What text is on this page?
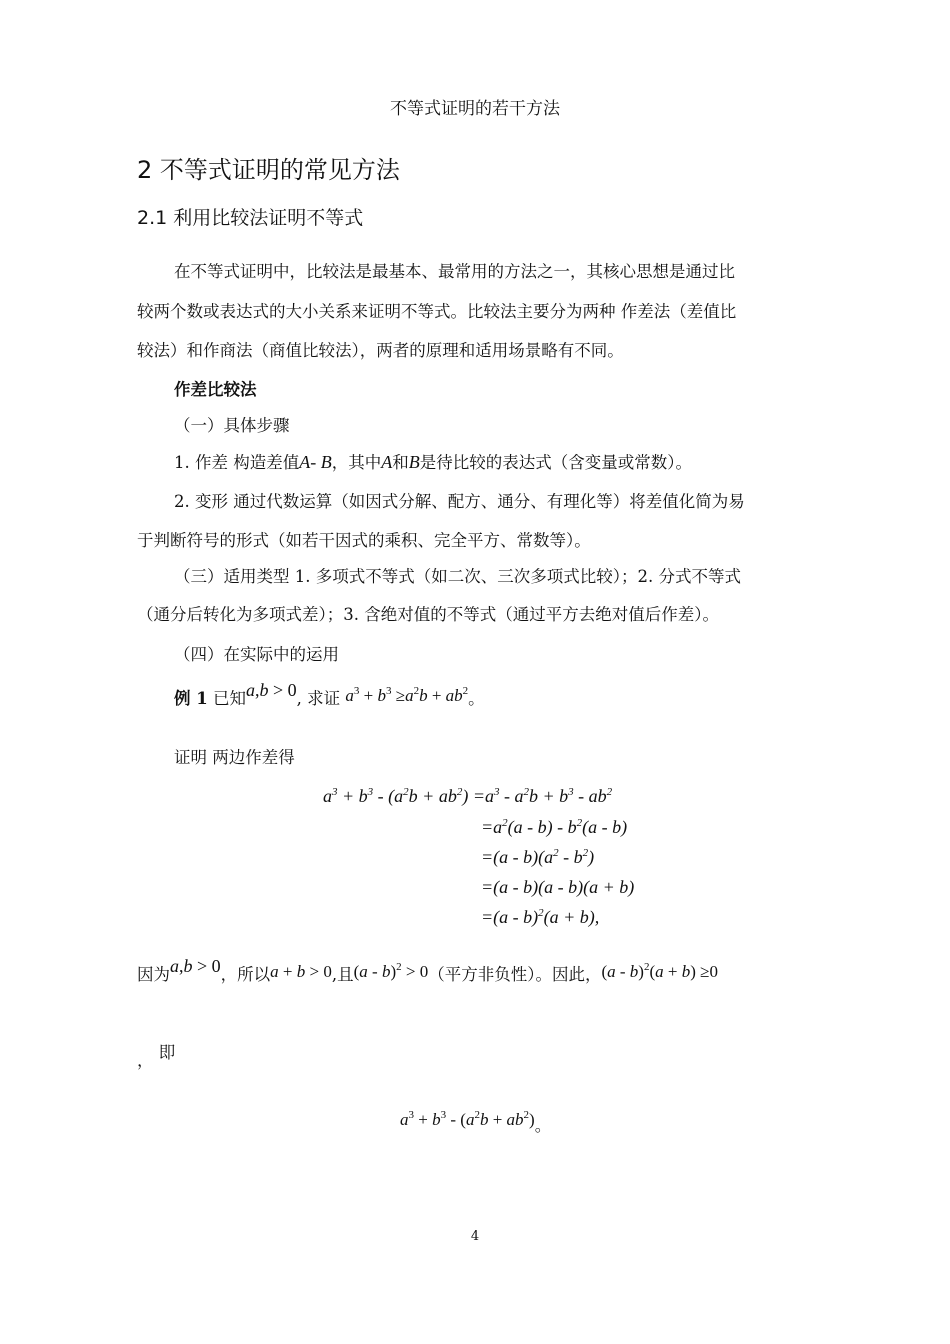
不等式证明的若干方法
2 不等式证明的常见方法
2.1 利用比较法证明不等式
在不等式证明中，比较法是最基本、最常用的方法之一，其核心思想是通过比
较两个数或表达式的大小关系来证明不等式。比较法主要分为两种 作差法（差值比
较法）和作商法（商值比较法），两者的原理和适用场景略有不同。
作差比较法
（一）具体步骤
1. 作差 构造差值A- B，其中A和B是待比较的表达式（含变量或常数）。
2. 变形 通过代数运算（如因式分解、配方、通分、有理化等）将差值化简为易
于判断符号的形式（如若干因式的乘积、完全平方、常数等）。
（三）适用类型 1. 多项式不等式（如二次、三次多项式比较）；2. 分式不等式
（通分后转化为多项式差）；3. 含绝对值的不等式（通过平方去绝对值后作差）。
（四）在实际中的运用
例 1 已知a,b > 0, 求证 $a^3 + b^3 \ge a^2b + ab^2$。
证明 两边作差得
$a^3 + b^3 - (a^2b + ab^2) =a^3 - a^2b + b^3 - ab^2$
$=a^2(a - b) - b^2(a - b)$
$=(a - b)(a^2 - b^2)$
=(a - b)(a - b)(a + b)
=(a - b)$^2$(a + b),
因为a,b > 0，所以a + b > 0,且(a - b)$^2$ > 0（平方非负性）。因此，(a - b)$^2$(a + b) ≥0
， 即
$a^3 + b^3 - (a^2b + ab^2)$。
4
